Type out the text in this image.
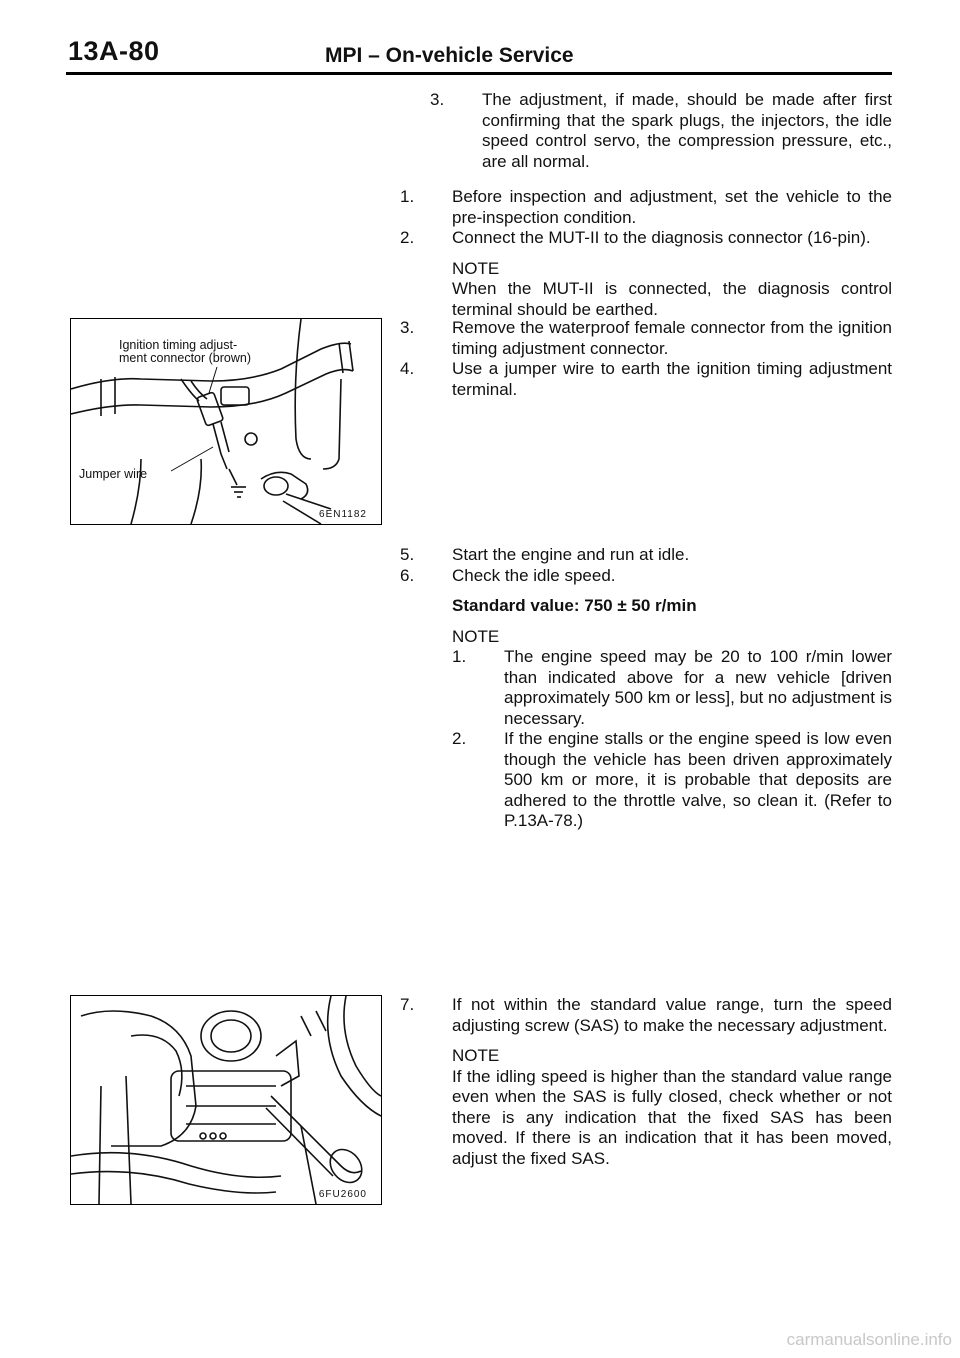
13A-80	MPI – On-vehicle Service
3. The adjustment, if made, should be made after first confirming that the spark plugs, the injectors, the idle speed control servo, the compression pressure, etc., are all normal.
1. Before inspection and adjustment, set the vehicle to the pre-inspection condition.
2. Connect the MUT-II to the diagnosis connector (16-pin).

NOTE

When the MUT-II is connected, the diagnosis control terminal should be earthed.

Ignition timing adjust-
ment connector (brown)
Jumper wire
6EN1182
3. Remove the waterproof female connector from the ignition timing adjustment connector.
4. Use a jumper wire to earth the ignition timing adjustment terminal.
5. Start the engine and run at idle.
6. Check the idle speed.

Standard value: 750 ± 50 r/min

NOTE

1. The engine speed may be 20 to 100 r/min lower than indicated above for a new vehicle [driven approximately 500 km or less], but no adjustment is necessary.
2. If the engine stalls or the engine speed is low even though the vehicle has been driven approximately 500 km or more, it is probable that deposits are adhered to the throttle valve, so clean it. (Refer to P.13A-78.)
6FU2600
7. If not within the standard value range, turn the speed adjusting screw (SAS) to make the necessary adjustment.

NOTE

If the idling speed is higher than the standard value range even when the SAS is fully closed, check whether or not there is any indication that the fixed SAS has been moved. If there is an indication that it has been moved, adjust the fixed SAS.

carmanualsonline.info
